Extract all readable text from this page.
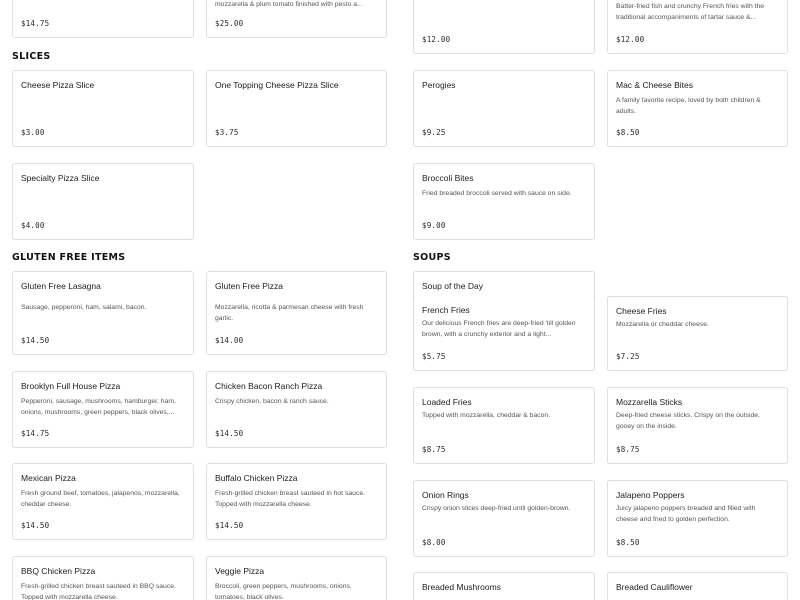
$14.75
mozzarella & plum tomato finished with pesto a...
$25.00
$12.00
Batter-fried fish and crunchy French fries with the traditional accompaniments of tartar sauce &...
$12.00
SLICES
Cheese Pizza Slice
$3.00
One Topping Cheese Pizza Slice
$3.75
Specialty Pizza Slice
$4.00
Perogies
$9.25
Mac & Cheese Bites
A family favorite recipe, loved by both children & adults.
$8.50
Broccoli Bites
Fried breaded broccoli served with sauce on side.
$9.00
GLUTEN FREE ITEMS
Gluten Free Lasagna
Sausage, pepperoni, ham, salami, bacon.
$14.50
Gluten Free Pizza
Mozzarella, ricotta & parmesan cheese with fresh garlic.
$14.00
Brooklyn Full House Pizza
Pepperoni, sausage, mushrooms, hamburger, ham, onions, mushrooms, green peppers, black olives,...
$14.75
Chicken Bacon Ranch Pizza
Crispy chicken, bacon & ranch sauce.
$14.50
Mexican Pizza
Fresh ground beef, tomatoes, jalapenos, mozzarella, cheddar cheese.
$14.50
Buffalo Chicken Pizza
Fresh-grilled chicken breast sauteed in hot sauce. Topped with mozzarella cheese.
$14.50
BBQ Chicken Pizza
Fresh-grilled chicken breast sauteed in BBQ sauce. Topped with mozzarella cheese.
Veggie Pizza
Broccoli, green peppers, mushrooms, onions, tomatoes, black olives.
SOUPS
Soup of the Day
French Fries
Our delicious French fries are deep-fried 'till golden brown, with a crunchy exterior and a light...
$5.75
Cheese Fries
Mozzarella or cheddar cheese.
$7.25
Loaded Fries
Topped with mozzarella, cheddar & bacon.
$8.75
Mozzarella Sticks
Deep-fried cheese sticks. Crispy on the outside, gooey on the inside.
$8.75
Onion Rings
Crispy onion slices deep-fried until golden-brown.
$8.00
Jalapeno Poppers
Juicy jalapeno poppers breaded and filled with cheese and fried to golden perfection.
$8.50
Breaded Mushrooms	Breaded Cauliflower
